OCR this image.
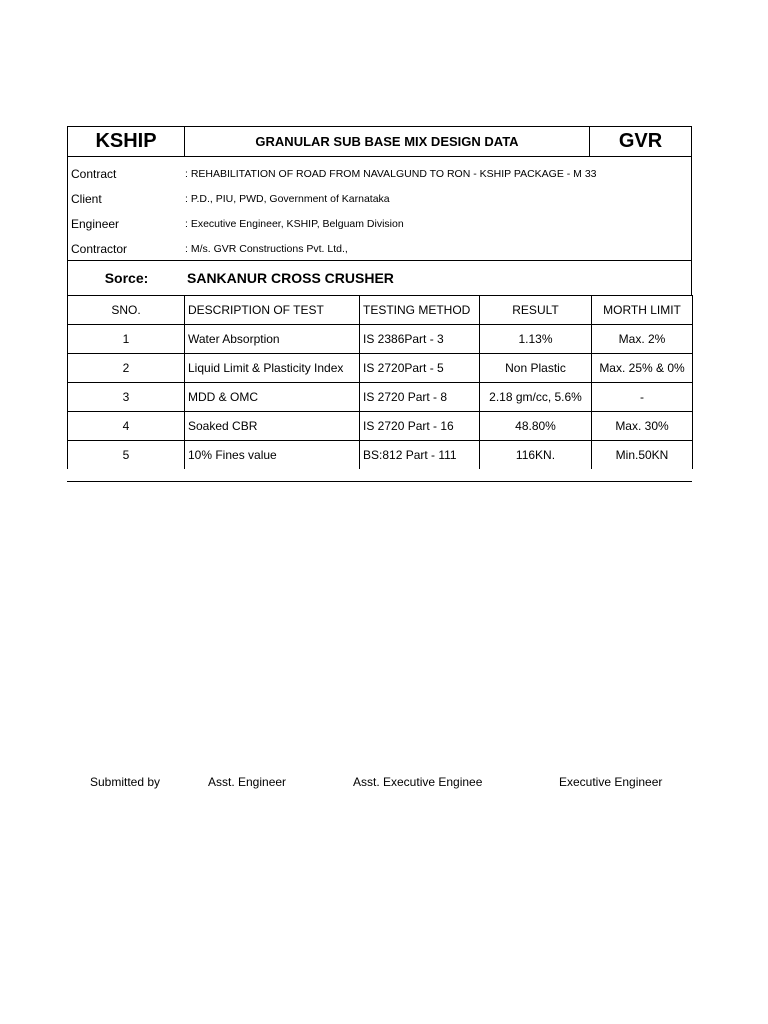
KSHIP	GRANULAR SUB BASE MIX DESIGN DATA	GVR
Contract	: REHABILITATION OF ROAD FROM NAVALGUND TO RON - KSHIP PACKAGE - M 33
Client	: P.D., PIU, PWD, Government of Karnataka
Engineer	: Executive Engineer, KSHIP, Belguam Division
Contractor	: M/s. GVR Constructions Pvt. Ltd.,
Sorce:	SANKANUR CROSS CRUSHER
SNO.	DESCRIPTION OF TEST	TESTING METHOD	RESULT	MORTH LIMIT
1	Water Absorption	IS 2386Part - 3	1.13%	Max. 2%
2	Liquid Limit & Plasticity Index	IS 2720Part - 5	Non Plastic	Max. 25% & 0%
3	MDD & OMC	IS 2720 Part - 8	2.18 gm/cc, 5.6%	-
4	Soaked CBR	IS 2720 Part - 16	48.80%	Max. 30%
5	10% Fines value	BS:812 Part - 111	116KN.	Min.50KN
Submitted by	Asst. Engineer	Asst. Executive Enginee	Executive Engineer
